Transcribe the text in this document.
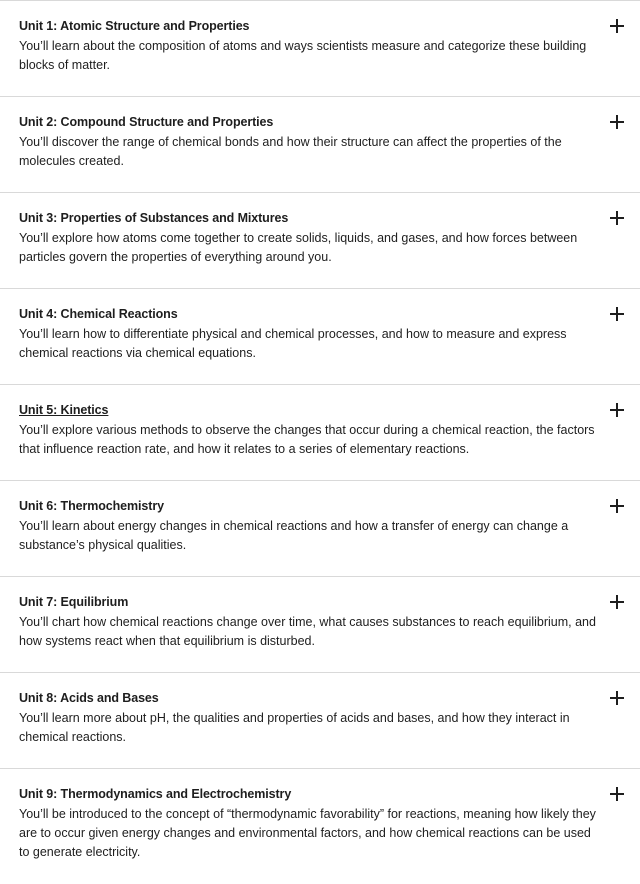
Unit 1: Atomic Structure and Properties

You’ll learn about the composition of atoms and ways scientists measure and categorize these building blocks of matter.

Unit 2: Compound Structure and Properties

You’ll discover the range of chemical bonds and how their structure can affect the properties of the molecules created.

Unit 3: Properties of Substances and Mixtures

You’ll explore how atoms come together to create solids, liquids, and gases, and how forces between particles govern the properties of everything around you.

Unit 4: Chemical Reactions

You’ll learn how to differentiate physical and chemical processes, and how to measure and express chemical reactions via chemical equations.

Unit 5: Kinetics

You’ll explore various methods to observe the changes that occur during a chemical reaction, the factors that influence reaction rate, and how it relates to a series of elementary reactions.

Unit 6: Thermochemistry

You’ll learn about energy changes in chemical reactions and how a transfer of energy can change a substance’s physical qualities.

Unit 7: Equilibrium

You’ll chart how chemical reactions change over time, what causes substances to reach equilibrium, and how systems react when that equilibrium is disturbed.

Unit 8: Acids and Bases

You’ll learn more about pH, the qualities and properties of acids and bases, and how they interact in chemical reactions.

Unit 9: Thermodynamics and Electrochemistry

You’ll be introduced to the concept of “thermodynamic favorability” for reactions, meaning how likely they are to occur given energy changes and environmental factors, and how chemical reactions can be used to generate electricity.
